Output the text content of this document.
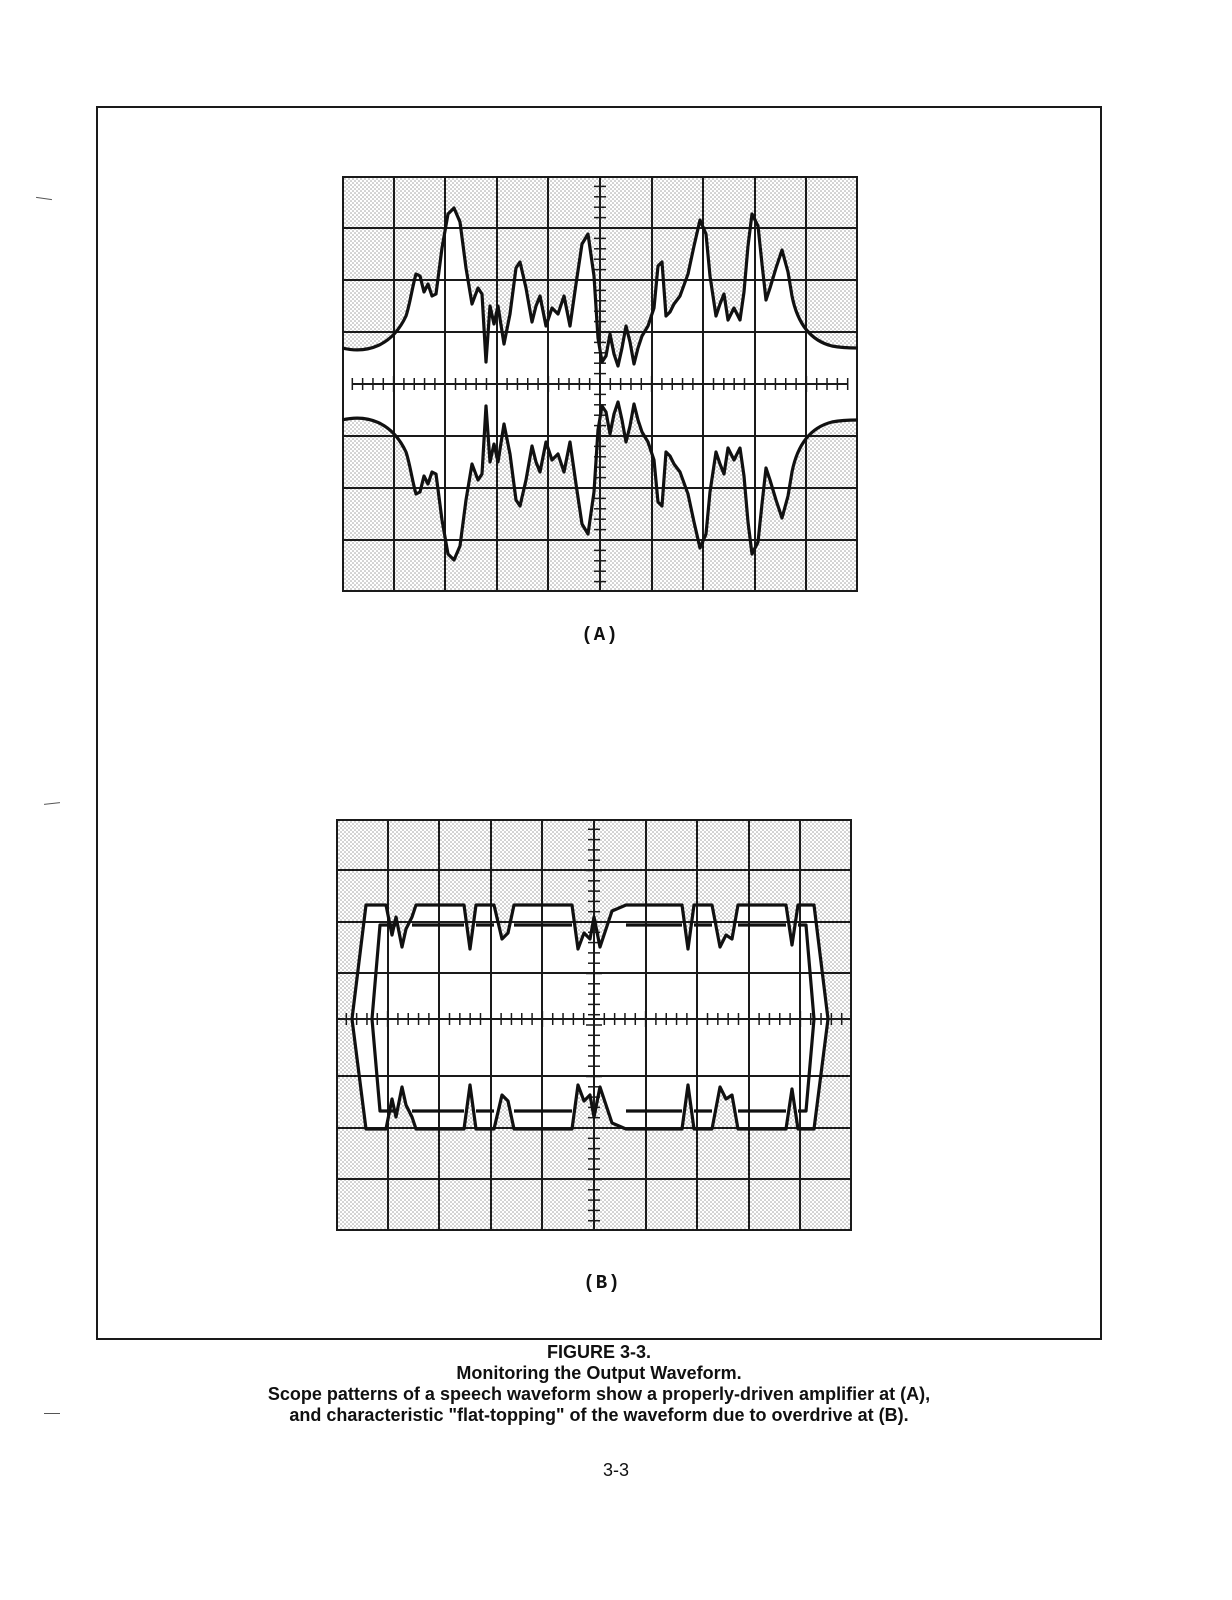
(A)
(B)
FIGURE 3-3.
Monitoring the Output Waveform.
Scope patterns of a speech waveform show a properly-driven amplifier at (A),
and characteristic "flat-topping" of the waveform due to overdrive at (B).
3-3
